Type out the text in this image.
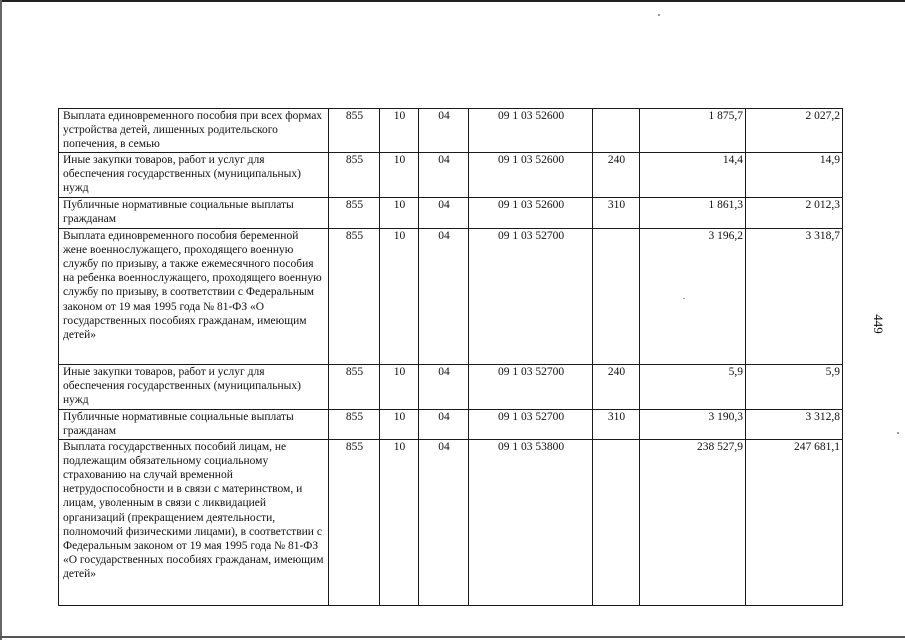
Выплата единовременного пособия при всех формах устройства детей, лишенных родительского попечения, в семью	855	10	04	09 1 03 52600		1 875,7	2 027,2
Иные закупки товаров, работ и услуг для обеспечения государственных (муниципальных) нужд	855	10	04	09 1 03 52600	240	14,4	14,9
Публичные нормативные социальные выплаты гражданам	855	10	04	09 1 03 52600	310	1 861,3	2 012,3
Выплата единовременного пособия беременной жене военнослужащего, проходящего военную службу по призыву, а также ежемесячного пособия на ребенка военнослужащего, проходящего военную службу по призыву, в соответствии с Федеральным законом от 19 мая 1995 года № 81-ФЗ «О государственных пособиях гражданам, имеющим детей»	855	10	04	09 1 03 52700		3 196,2	3 318,7
Иные закупки товаров, работ и услуг для обеспечения государственных (муниципальных) нужд	855	10	04	09 1 03 52700	240	5,9	5,9
Публичные нормативные социальные выплаты гражданам	855	10	04	09 1 03 52700	310	3 190,3	3 312,8
Выплата государственных пособий лицам, не подлежащим обязательному социальному страхованию на случай временной нетрудоспособности и в связи с материнством, и лицам, уволенным в связи с ликвидацией организаций (прекращением деятельности, полномочий физическими лицами), в соответствии с Федеральным законом от 19 мая 1995 года № 81-ФЗ «О государственных пособиях гражданам, имеющим детей»	855	10	04	09 1 03 53800		238 527,9	247 681,1
449
